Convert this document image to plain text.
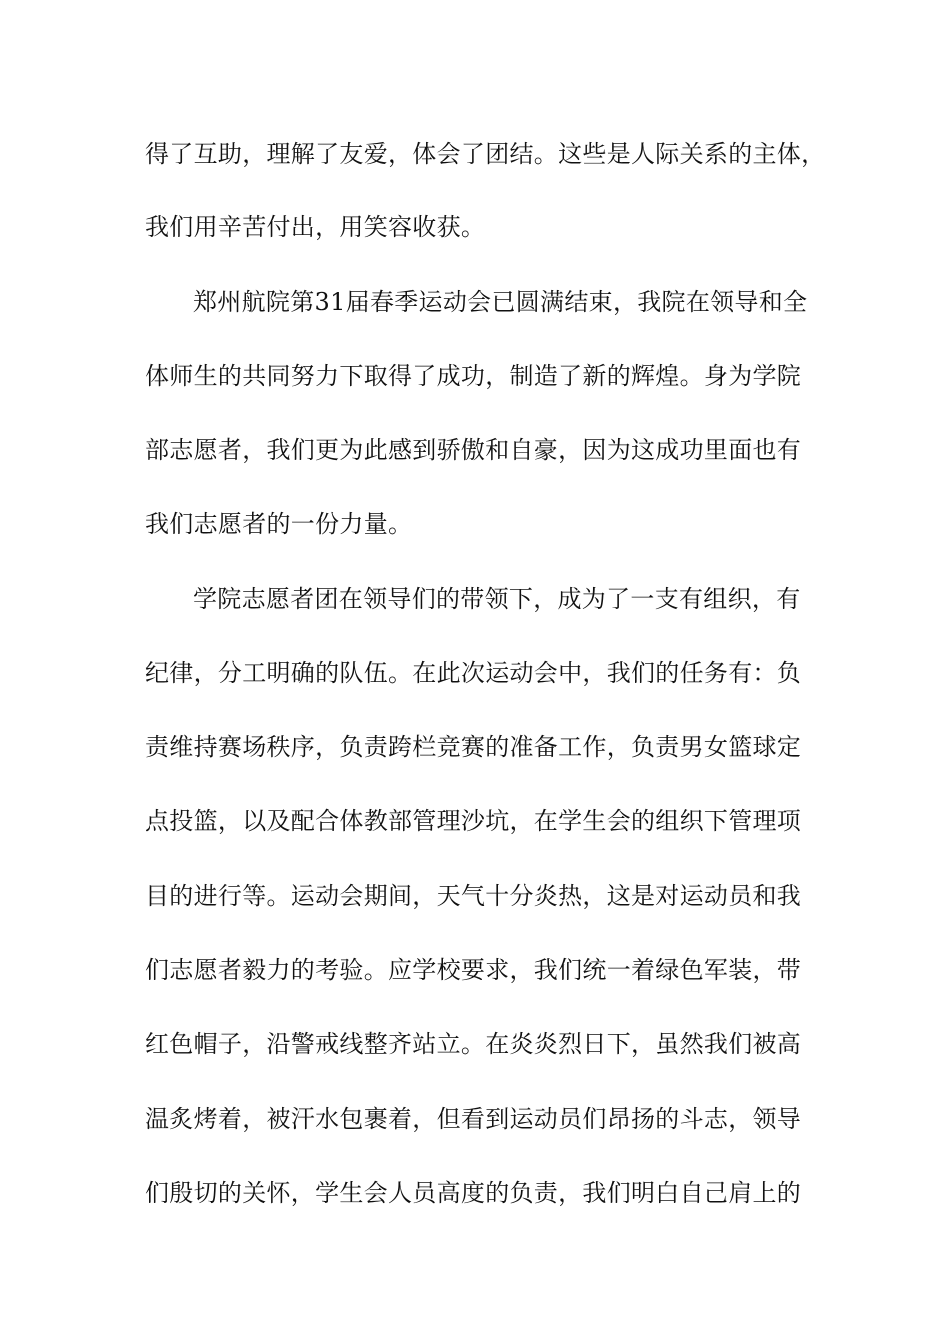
得了互助，理解了友爱，体会了团结。这些是人际关系的主体，
我们用辛苦付出，用笑容收获。
郑州航院第31届春季运动会已圆满结束，我院在领导和全
体师生的共同努力下取得了成功，制造了新的辉煌。身为学院
部志愿者，我们更为此感到骄傲和自豪，因为这成功里面也有
我们志愿者的一份力量。
学院志愿者团在领导们的带领下，成为了一支有组织，有
纪律，分工明确的队伍。在此次运动会中，我们的任务有：负
责维持赛场秩序，负责跨栏竞赛的准备工作，负责男女篮球定
点投篮，以及配合体教部管理沙坑，在学生会的组织下管理项
目的进行等。运动会期间，天气十分炎热，这是对运动员和我
们志愿者毅力的考验。应学校要求，我们统一着绿色军装，带
红色帽子，沿警戒线整齐站立。在炎炎烈日下，虽然我们被高
温炙烤着，被汗水包裹着，但看到运动员们昂扬的斗志，领导
们殷切的关怀，学生会人员高度的负责，我们明白自己肩上的
